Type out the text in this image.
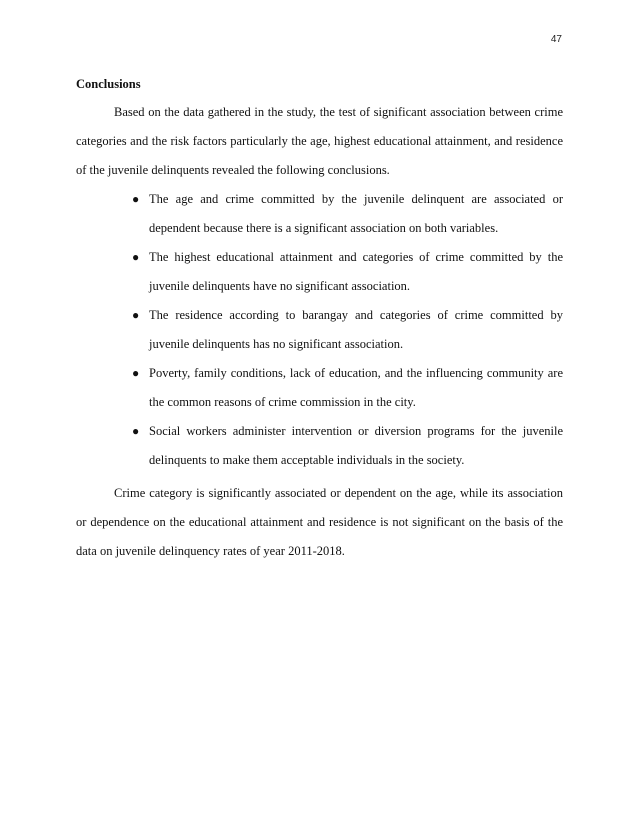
47

Conclusions

Based on the data gathered in the study, the test of significant association between crime categories and the risk factors particularly the age, highest educational attainment, and residence of the juvenile delinquents revealed the following conclusions.

● The age and crime committed by the juvenile delinquent are associated or dependent because there is a significant association on both variables.
● The highest educational attainment and categories of crime committed by the juvenile delinquents have no significant association.
● The residence according to barangay and categories of crime committed by juvenile delinquents has no significant association.
● Poverty, family conditions, lack of education, and the influencing community are the common reasons of crime commission in the city.
● Social workers administer intervention or diversion programs for the juvenile delinquents to make them acceptable individuals in the society.

Crime category is significantly associated or dependent on the age, while its association or dependence on the educational attainment and residence is not significant on the basis of the data on juvenile delinquency rates of year 2011-2018.
